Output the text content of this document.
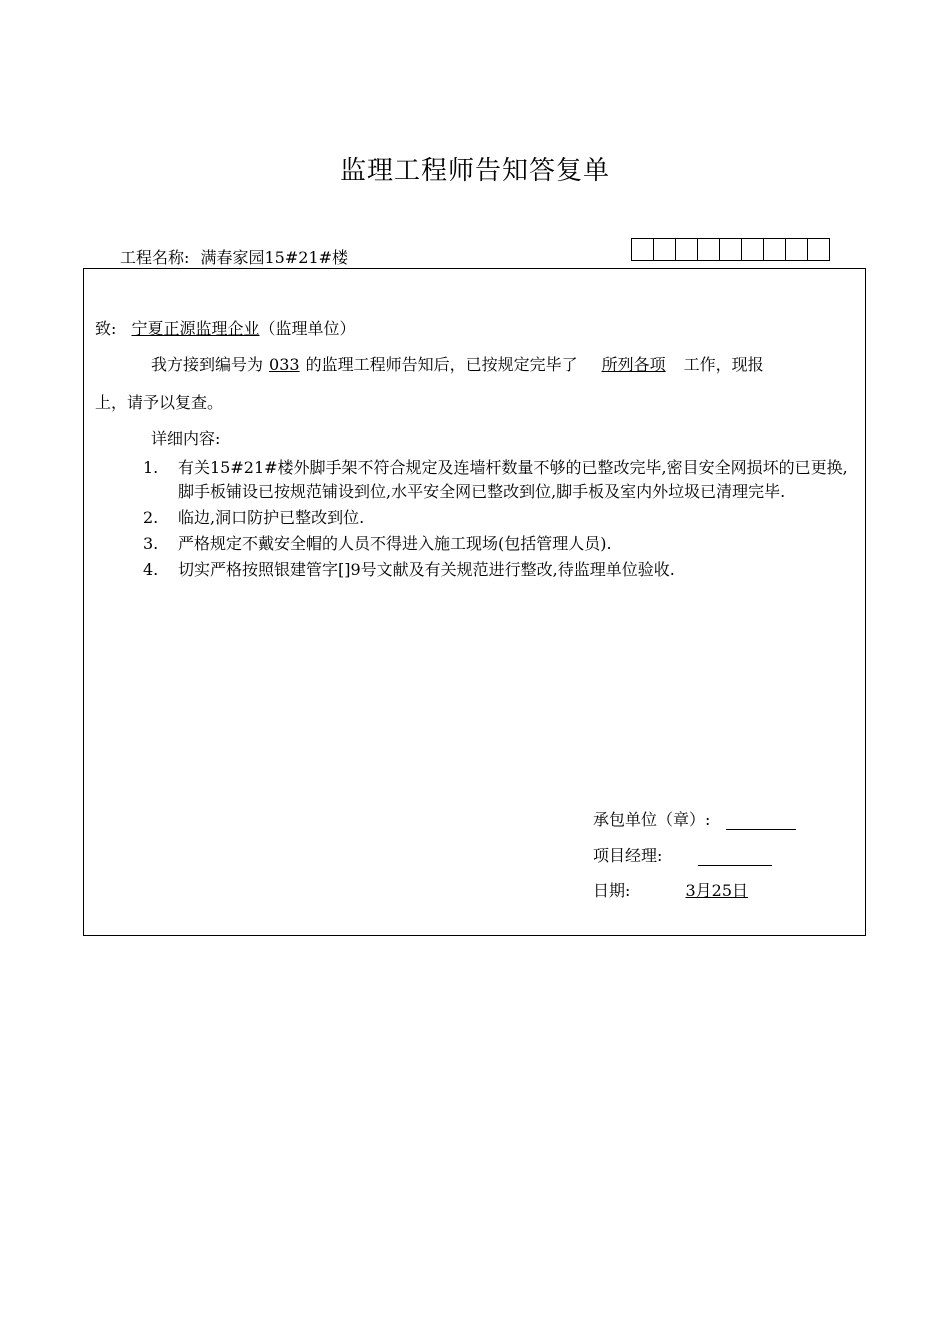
监理工程师告知答复单
工程名称: 满春家园15#21#楼
致: 宁夏正源监理企业（监理单位）
我方接到编号为 033 的监理工程师告知后，已按规定完毕了 所列各项 工作，现报
上，请予以复查。
详细内容:
1.	有关15#21#楼外脚手架不符合规定及连墙杆数量不够的已整改完毕,密目安全网损坏的已更换,脚手板铺设已按规范铺设到位,水平安全网已整改到位,脚手板及室内外垃圾已清理完毕.
2.	临边,洞口防护已整改到位.
3.	严格规定不戴安全帽的人员不得进入施工现场(包括管理人员).
4.	切实严格按照银建管字[]9号文献及有关规范进行整改,待监理单位验收.
承包单位（章）:
项目经理:
日期:	3月25日
